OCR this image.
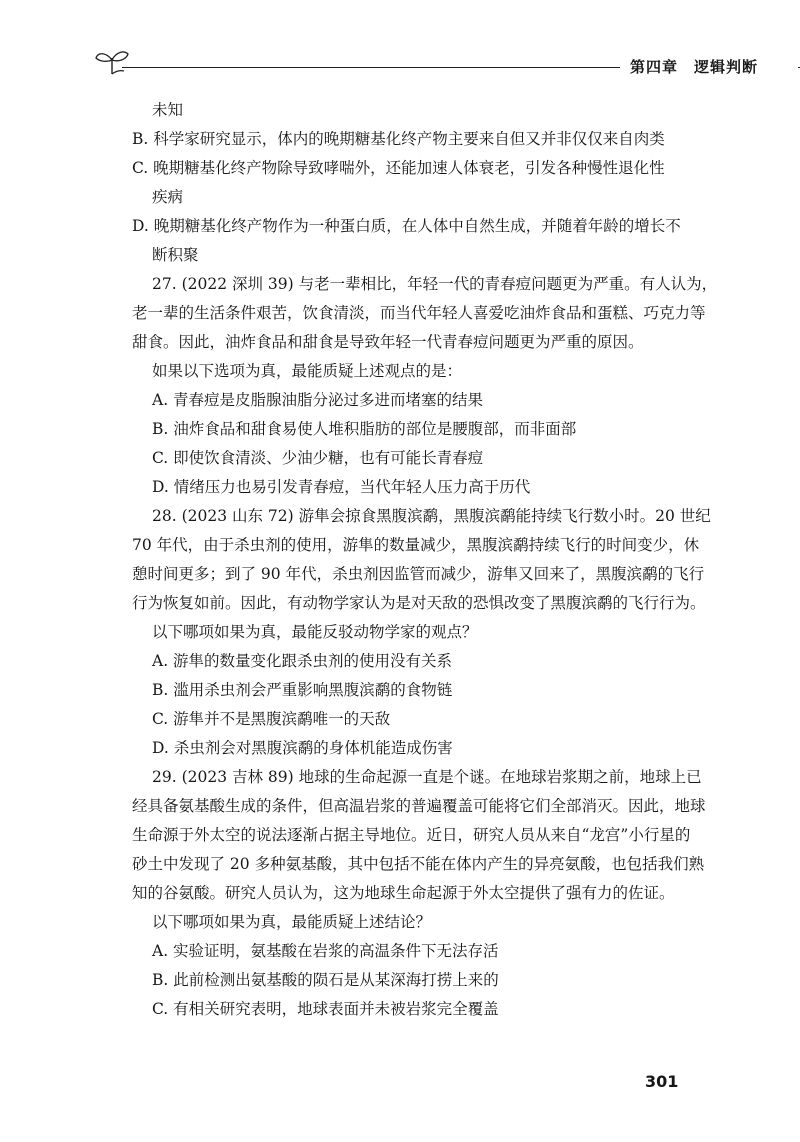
第四章　逻辑判断
未知
B. 科学家研究显示，体内的晚期糖基化终产物主要来自但又并非仅仅来自肉类
C. 晚期糖基化终产物除导致哮喘外，还能加速人体衰老，引发各种慢性退化性
疾病
D. 晚期糖基化终产物作为一种蛋白质，在人体中自然生成，并随着年龄的增长不
断积聚
27. (2022 深圳 39) 与老一辈相比，年轻一代的青春痘问题更为严重。有人认为，
老一辈的生活条件艰苦，饮食清淡，而当代年轻人喜爱吃油炸食品和蛋糕、巧克力等
甜食。因此，油炸食品和甜食是导致年轻一代青春痘问题更为严重的原因。
如果以下选项为真，最能质疑上述观点的是：
A. 青春痘是皮脂腺油脂分泌过多进而堵塞的结果
B. 油炸食品和甜食易使人堆积脂肪的部位是腰腹部，而非面部
C. 即使饮食清淡、少油少糖，也有可能长青春痘
D. 情绪压力也易引发青春痘，当代年轻人压力高于历代
28. (2023 山东 72) 游隼会掠食黑腹滨鹬，黑腹滨鹬能持续飞行数小时。20 世纪
70 年代，由于杀虫剂的使用，游隼的数量减少，黑腹滨鹬持续飞行的时间变少，休
憩时间更多；到了 90 年代，杀虫剂因监管而减少，游隼又回来了，黑腹滨鹬的飞行
行为恢复如前。因此，有动物学家认为是对天敌的恐惧改变了黑腹滨鹬的飞行行为。
以下哪项如果为真，最能反驳动物学家的观点？
A. 游隼的数量变化跟杀虫剂的使用没有关系
B. 滥用杀虫剂会严重影响黑腹滨鹬的食物链
C. 游隼并不是黑腹滨鹬唯一的天敌
D. 杀虫剂会对黑腹滨鹬的身体机能造成伤害
29. (2023 吉林 89) 地球的生命起源一直是个谜。在地球岩浆期之前，地球上已
经具备氨基酸生成的条件，但高温岩浆的普遍覆盖可能将它们全部消灭。因此，地球
生命源于外太空的说法逐渐占据主导地位。近日，研究人员从来自“龙宫”小行星的
砂土中发现了 20 多种氨基酸，其中包括不能在体内产生的异亮氨酸，也包括我们熟
知的谷氨酸。研究人员认为，这为地球生命起源于外太空提供了强有力的佐证。
以下哪项如果为真，最能质疑上述结论？
A. 实验证明，氨基酸在岩浆的高温条件下无法存活
B. 此前检测出氨基酸的陨石是从某深海打捞上来的
C. 有相关研究表明，地球表面并未被岩浆完全覆盖
301
